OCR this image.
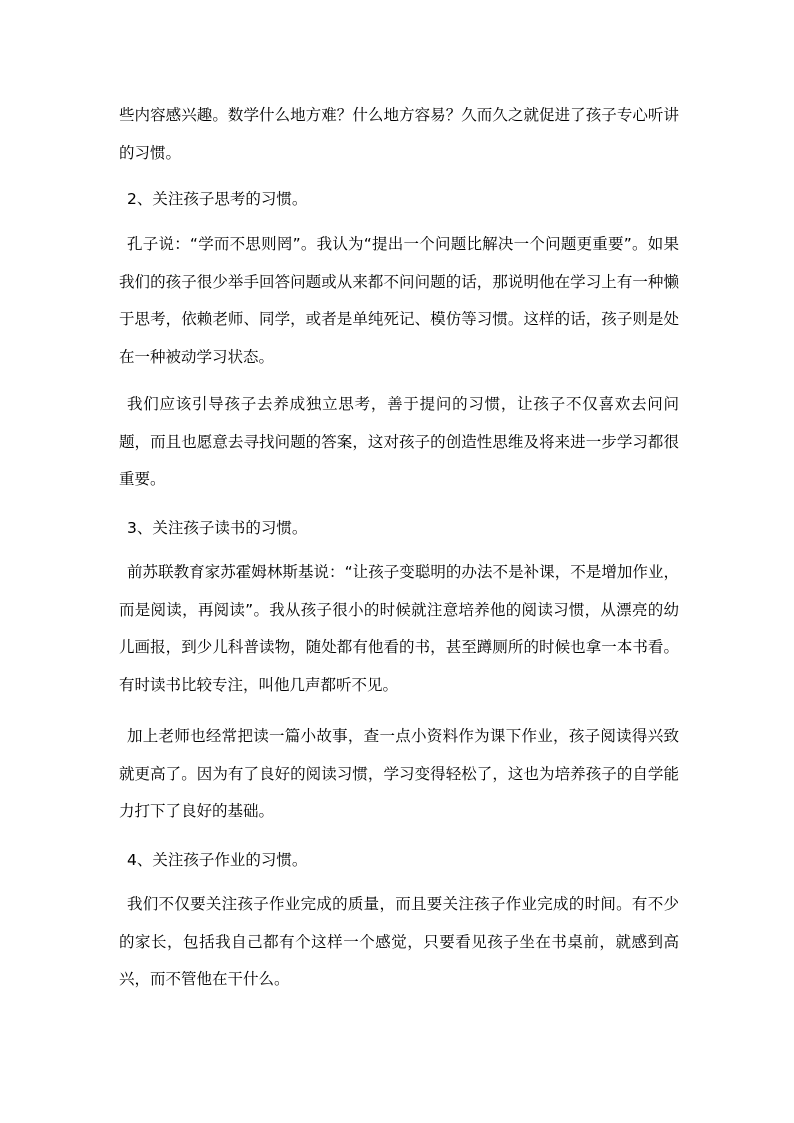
些内容感兴趣。数学什么地方难？什么地方容易？久而久之就促进了孩子专心听讲的习惯。

2、关注孩子思考的习惯。

孔子说：“学而不思则罔”。我认为“提出一个问题比解决一个问题更重要”。如果我们的孩子很少举手回答问题或从来都不问问题的话，那说明他在学习上有一种懒于思考，依赖老师、同学，或者是单纯死记、模仿等习惯。这样的话，孩子则是处在一种被动学习状态。

我们应该引导孩子去养成独立思考，善于提问的习惯，让孩子不仅喜欢去问问题，而且也愿意去寻找问题的答案，这对孩子的创造性思维及将来进一步学习都很重要。

3、关注孩子读书的习惯。

前苏联教育家苏霍姆林斯基说：“让孩子变聪明的办法不是补课，不是增加作业，而是阅读，再阅读”。我从孩子很小的时候就注意培养他的阅读习惯，从漂亮的幼儿画报，到少儿科普读物，随处都有他看的书，甚至蹲厕所的时候也拿一本书看。有时读书比较专注，叫他几声都听不见。

加上老师也经常把读一篇小故事，查一点小资料作为课下作业，孩子阅读得兴致就更高了。因为有了良好的阅读习惯，学习变得轻松了，这也为培养孩子的自学能力打下了良好的基础。

4、关注孩子作业的习惯。

我们不仅要关注孩子作业完成的质量，而且要关注孩子作业完成的时间。有不少的家长，包括我自己都有个这样一个感觉，只要看见孩子坐在书桌前，就感到高兴，而不管他在干什么。
